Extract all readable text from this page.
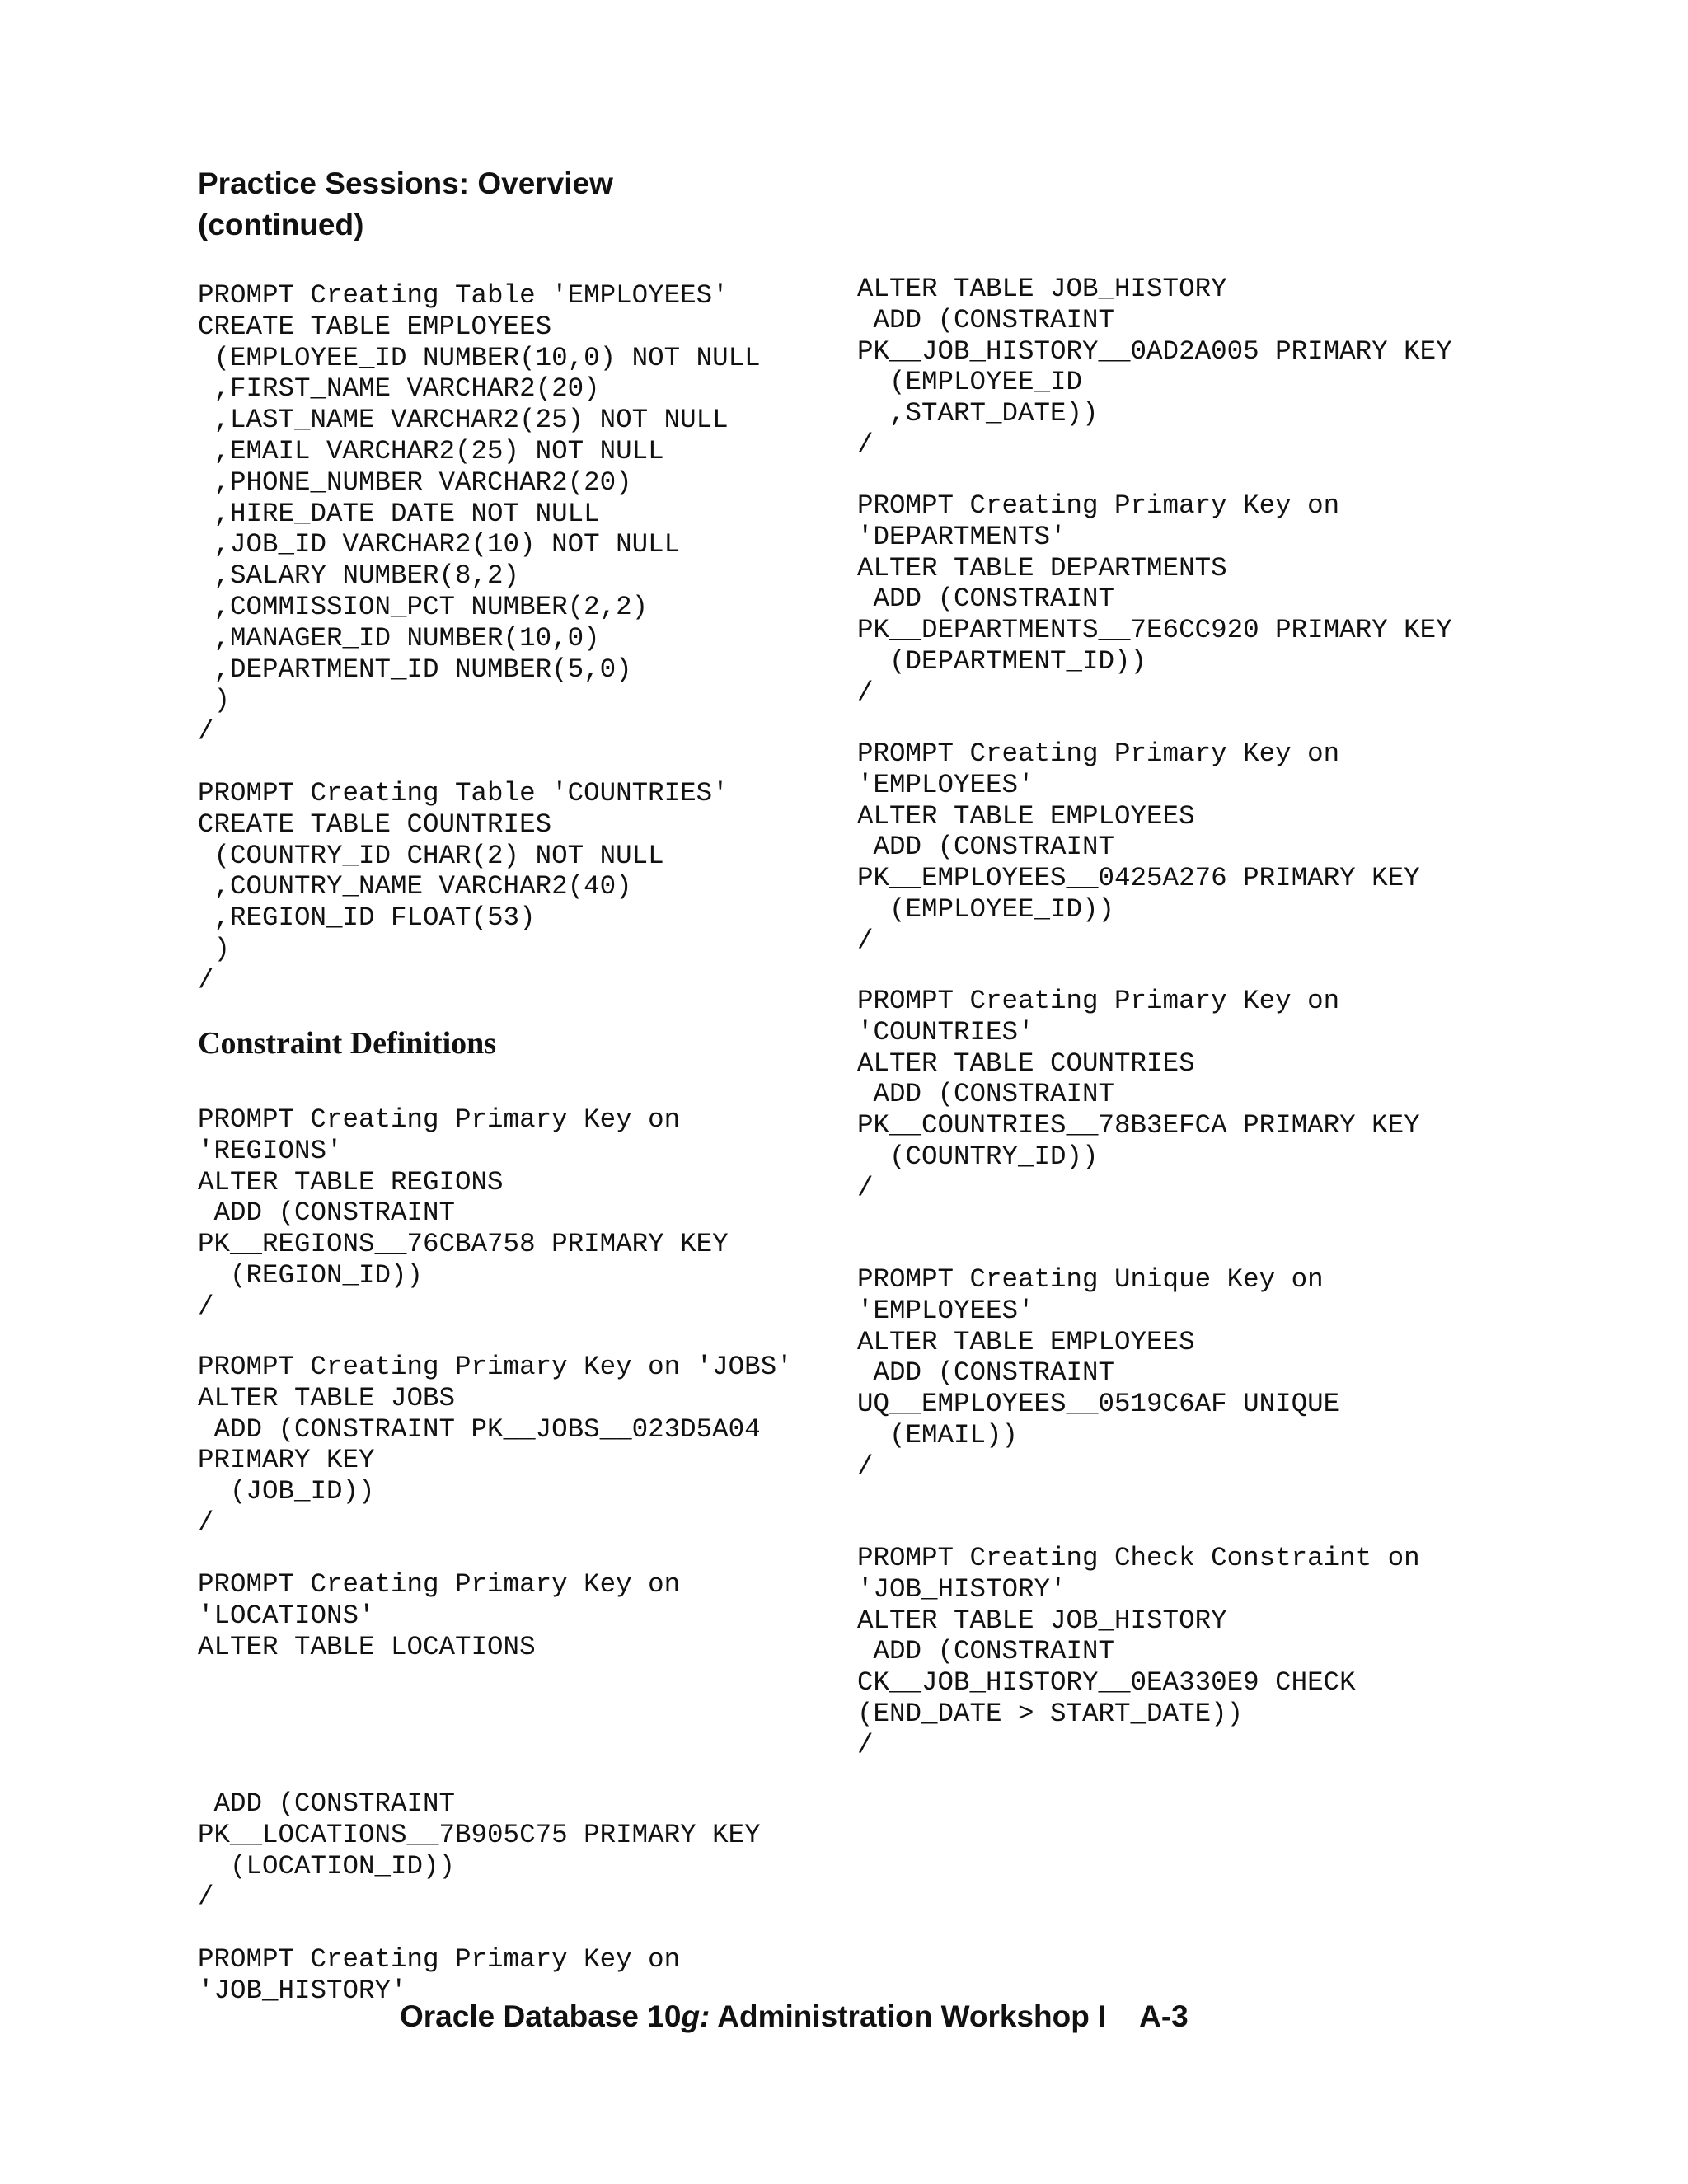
Practice Sessions: Overview
(continued)
PROMPT Creating Table 'EMPLOYEES'
CREATE TABLE EMPLOYEES
(EMPLOYEE_ID NUMBER(10,0) NOT NULL
,FIRST_NAME VARCHAR2(20)
,LAST_NAME VARCHAR2(25) NOT NULL
,EMAIL VARCHAR2(25) NOT NULL
,PHONE_NUMBER VARCHAR2(20)
,HIRE_DATE DATE NOT NULL
,JOB_ID VARCHAR2(10) NOT NULL
,SALARY NUMBER(8,2)
,COMMISSION_PCT NUMBER(2,2)
,MANAGER_ID NUMBER(10,0)
,DEPARTMENT_ID NUMBER(5,0)
)
/
PROMPT Creating Table 'COUNTRIES'
CREATE TABLE COUNTRIES
(COUNTRY_ID CHAR(2) NOT NULL
,COUNTRY_NAME VARCHAR2(40)
,REGION_ID FLOAT(53)
)
/
Constraint Definitions
PROMPT Creating Primary Key on
'REGIONS'
ALTER TABLE REGIONS
ADD (CONSTRAINT
PK__REGIONS__76CBA758 PRIMARY KEY
(REGION_ID))
/
PROMPT Creating Primary Key on 'JOBS'
ALTER TABLE JOBS
ADD (CONSTRAINT PK__JOBS__023D5A04
PRIMARY KEY
(JOB_ID))
/
PROMPT Creating Primary Key on
'LOCATIONS'
ALTER TABLE LOCATIONS
ADD (CONSTRAINT
PK__LOCATIONS__7B905C75 PRIMARY KEY
(LOCATION_ID))
/
PROMPT Creating Primary Key on
'JOB_HISTORY'
ALTER TABLE JOB_HISTORY
ADD (CONSTRAINT
PK__JOB_HISTORY__0AD2A005 PRIMARY KEY
(EMPLOYEE_ID
,START_DATE))
/
PROMPT Creating Primary Key on
'DEPARTMENTS'
ALTER TABLE DEPARTMENTS
ADD (CONSTRAINT
PK__DEPARTMENTS__7E6CC920 PRIMARY KEY
(DEPARTMENT_ID))
/
PROMPT Creating Primary Key on
'EMPLOYEES'
ALTER TABLE EMPLOYEES
ADD (CONSTRAINT
PK__EMPLOYEES__0425A276 PRIMARY KEY
(EMPLOYEE_ID))
/
PROMPT Creating Primary Key on
'COUNTRIES'
ALTER TABLE COUNTRIES
ADD (CONSTRAINT
PK__COUNTRIES__78B3EFCA PRIMARY KEY
(COUNTRY_ID))
/
PROMPT Creating Unique Key on
'EMPLOYEES'
ALTER TABLE EMPLOYEES
ADD (CONSTRAINT
UQ__EMPLOYEES__0519C6AF UNIQUE
(EMAIL))
/
PROMPT Creating Check Constraint on
'JOB_HISTORY'
ALTER TABLE JOB_HISTORY
ADD (CONSTRAINT
CK__JOB_HISTORY__0EA330E9 CHECK
(END_DATE > START_DATE))
/
Oracle Database 10g: Administration Workshop I    A-3
